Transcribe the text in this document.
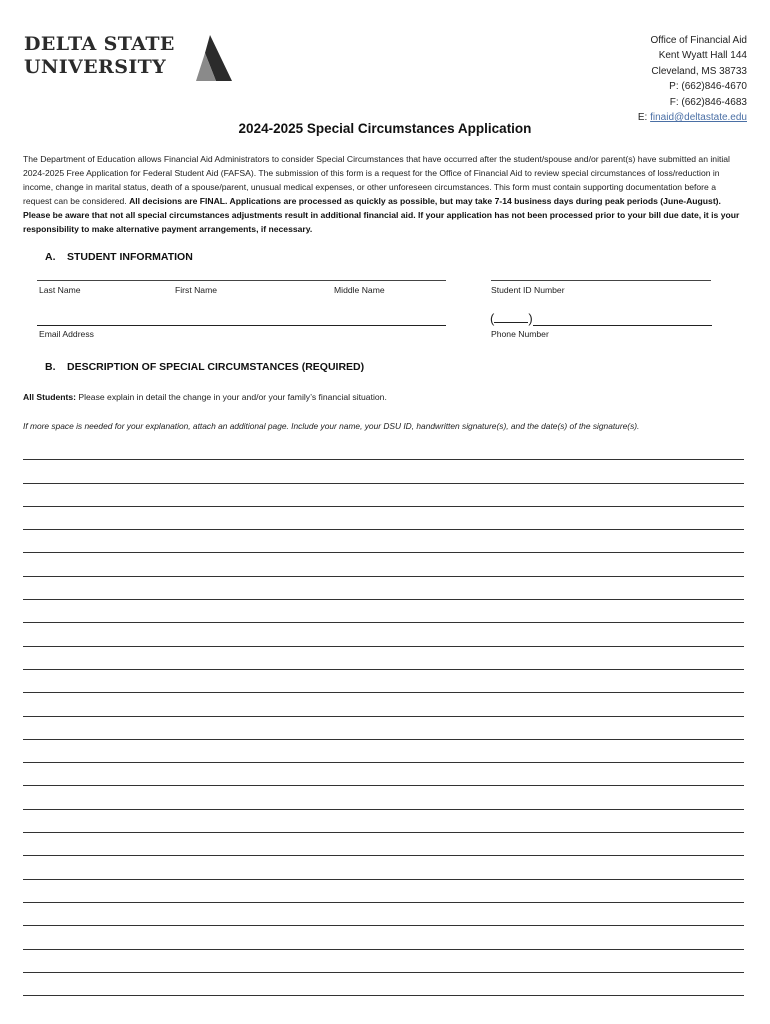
DELTA STATE
UNIVERSITY
Office of Financial Aid
Kent Wyatt Hall 144
Cleveland, MS 38733
P: (662)846-4670
F: (662)846-4683
E: finaid@deltastate.edu
2024-2025 Special Circumstances Application
The Department of Education allows Financial Aid Administrators to consider Special Circumstances that have occurred after the student/spouse and/or parent(s) have submitted an initial 2024-2025 Free Application for Federal Student Aid (FAFSA). The submission of this form is a request for the Office of Financial Aid to review special circumstances of loss/reduction in income, change in marital status, death of a spouse/parent, unusual medical expenses, or other unforeseen circumstances. This form must contain supporting documentation before a request can be considered. All decisions are FINAL. Applications are processed as quickly as possible, but may take 7-14 business days during peak periods (June-August). Please be aware that not all special circumstances adjustments result in additional financial aid. If your application has not been processed prior to your bill due date, it is your responsibility to make alternative payment arrangements, if necessary.
A. STUDENT INFORMATION
Last Name	First Name	Middle Name	Student ID Number
(	)
Email Address	Phone Number
B. DESCRIPTION OF SPECIAL CIRCUMSTANCES (REQUIRED)
All Students: Please explain in detail the change in your and/or your family’s financial situation.
If more space is needed for your explanation, attach an additional page. Include your name, your DSU ID, handwritten signature(s), and the date(s) of the signature(s).
